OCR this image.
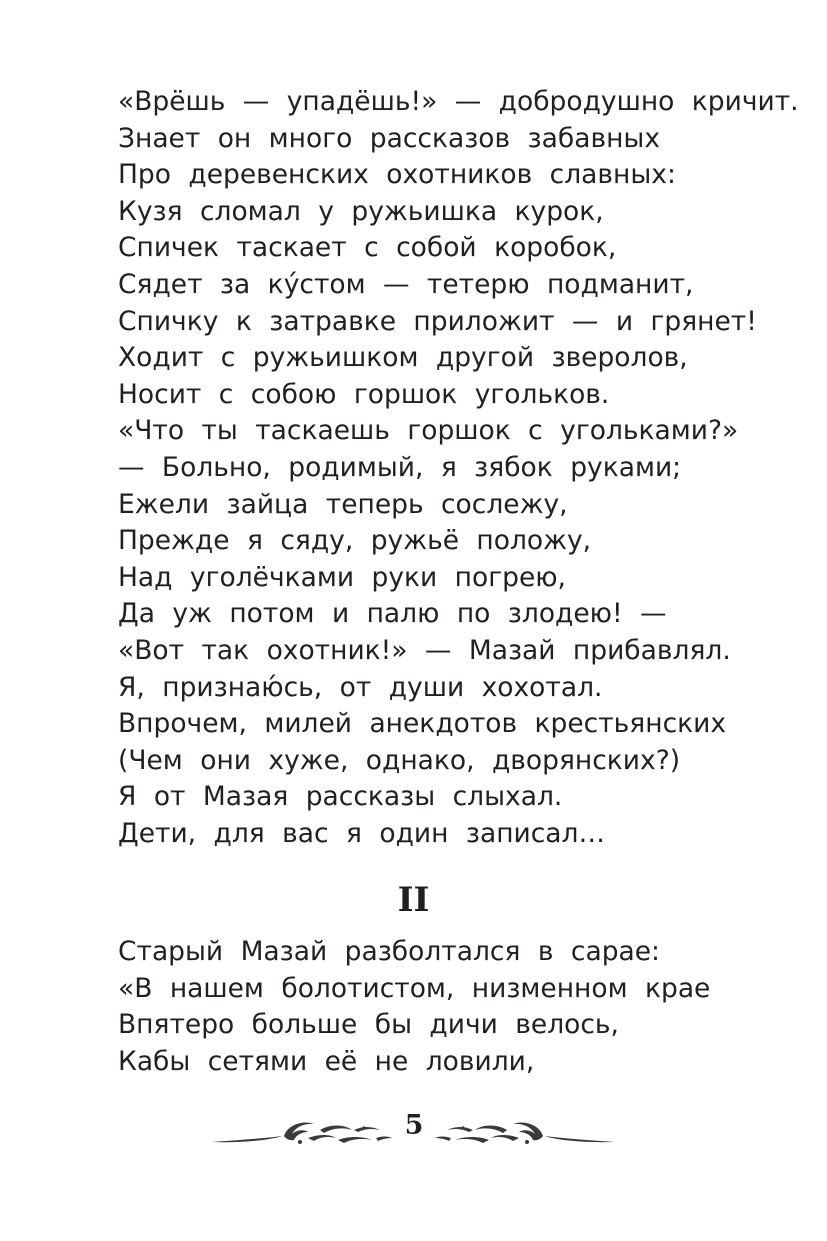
«Врёшь — упадёшь!» — добродушно кричит.
Знает он много рассказов забавных
Про деревенских охотников славных:
Кузя сломал у ружьишка курок,
Спичек таскает с собой коробок,
Сядет за кýстом — тетерю подманит,
Спичку к затравке приложит — и грянет!
Ходит с ружьишком другой зверолов,
Носит с собою горшок угольков.
«Что ты таскаешь горшок с угольками?»
— Больно, родимый, я зябок руками;
Ежели зайца теперь сослежу,
Прежде я сяду, ружьё положу,
Над уголёчками руки погрею,
Да уж потом и палю по злодею! —
«Вот так охотник!» — Мазай прибавлял.
Я, признаю́сь, от души хохотал.
Впрочем, милей анекдотов крестьянских
(Чем они хуже, однако, дворянских?)
Я от Мазая рассказы слыхал.
Дети, для вас я один записал…
II
Старый Мазай разболтался в сарае:
«В нашем болотистом, низменном крае
Впятеро больше бы дичи велось,
Кабы сетями её не ловили,
5
